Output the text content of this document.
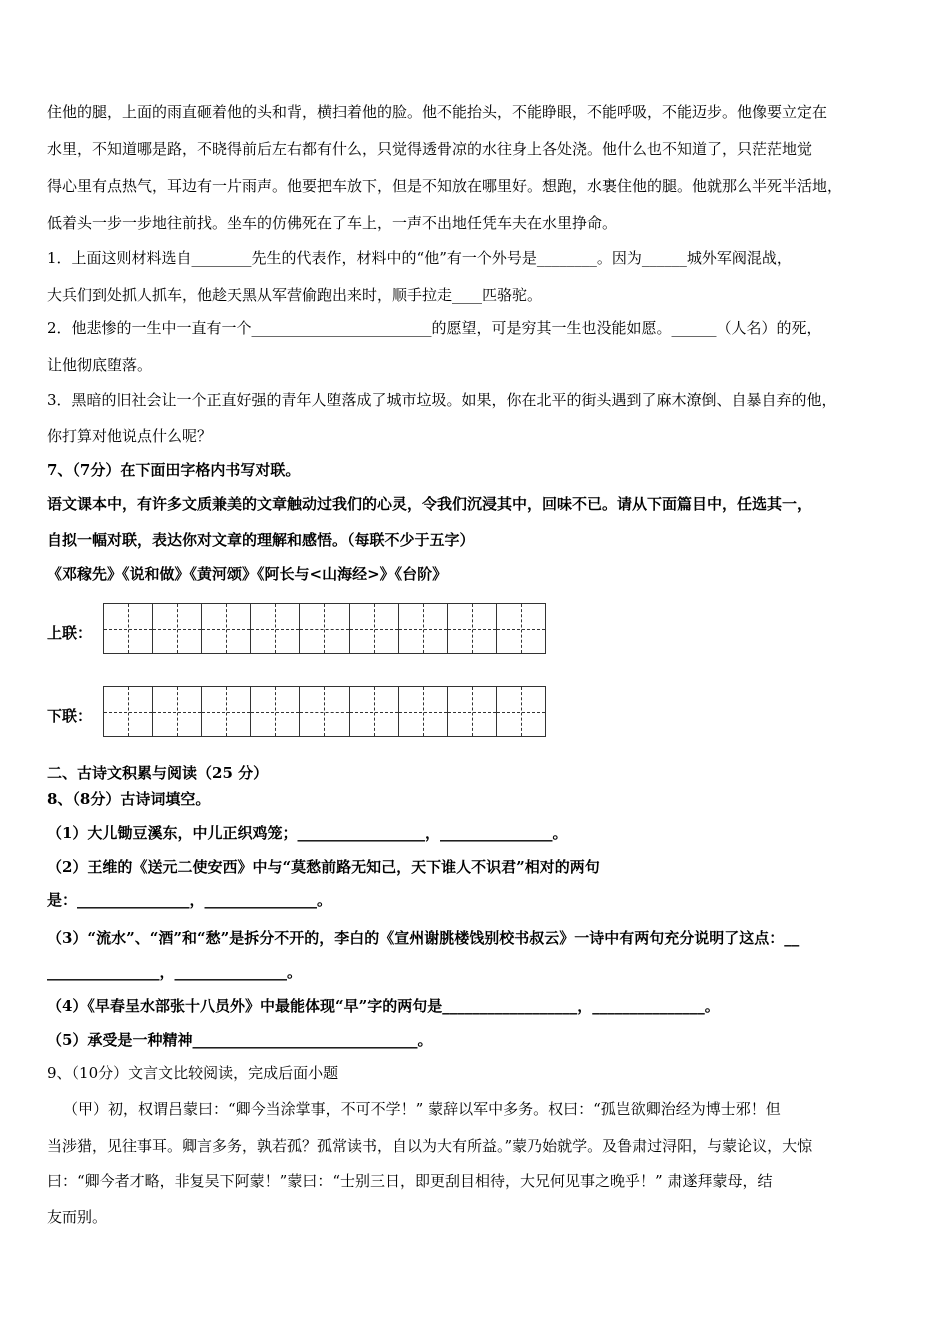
住他的腿，上面的雨直砸着他的头和背，横扫着他的脸。他不能抬头，不能睁眼，不能呼吸，不能迈步。他像要立定在
水里，不知道哪是路，不晓得前后左右都有什么，只觉得透骨凉的水往身上各处浇。他什么也不知道了，只茫茫地觉
得心里有点热气，耳边有一片雨声。他要把车放下，但是不知放在哪里好。想跑，水裹住他的腿。他就那么半死半活地，
低着头一步一步地往前找。坐车的仿佛死在了车上，一声不出地任凭车夫在水里挣命。
1．上面这则材料选自________先生的代表作，材料中的“他”有一个外号是________。因为______城外军阀混战，
大兵们到处抓人抓车，他趁天黑从军营偷跑出来时，顺手拉走____匹骆驼。
2．他悲惨的一生中一直有一个________________________的愿望，可是穷其一生也没能如愿。______（人名）的死，
让他彻底堕落。
3．黑暗的旧社会让一个正直好强的青年人堕落成了城市垃圾。如果，你在北平的街头遇到了麻木潦倒、自暴自弃的他，
你打算对他说点什么呢？
7、（7分）在下面田字格内书写对联。
语文课本中，有许多文质兼美的文章触动过我们的心灵，令我们沉浸其中，回味不已。请从下面篇目中，任选其一，
自拟一幅对联，表达你对文章的理解和感悟。（每联不少于五字）
《邓稼先》《说和做》《黄河颂》《阿长与<山海经>》《台阶》
上联：
下联：
二、古诗文积累与阅读（25 分）
8、（8分）古诗词填空。
（1）大儿锄豆溪东，中儿正织鸡笼；_________________，_______________。
（2）王维的《送元二使安西》中与“莫愁前路无知己，天下谁人不识君”相对的两句
是：_______________，_______________。
（3）“流水”、“酒”和“愁”是拆分不开的，李白的《宣州谢朓楼饯别校书叔云》一诗中有两句充分说明了这点：__
_______________，_______________。
（4）《早春呈水部张十八员外》中最能体现“早”字的两句是__________________，_______________。
（5）承受是一种精神______________________________。
9、（10分）文言文比较阅读，完成后面小题
（甲）初，权谓吕蒙曰：“卿今当涂掌事，不可不学！” 蒙辞以军中多务。权曰：“孤岂欲卿治经为博士邪！但
当涉猎，见往事耳。卿言多务，孰若孤？孤常读书，自以为大有所益。”蒙乃始就学。及鲁肃过浔阳，与蒙论议，大惊
曰：“卿今者才略，非复吴下阿蒙！”蒙曰：“士别三日，即更刮目相待，大兄何见事之晚乎！” 肃遂拜蒙母，结
友而别。
